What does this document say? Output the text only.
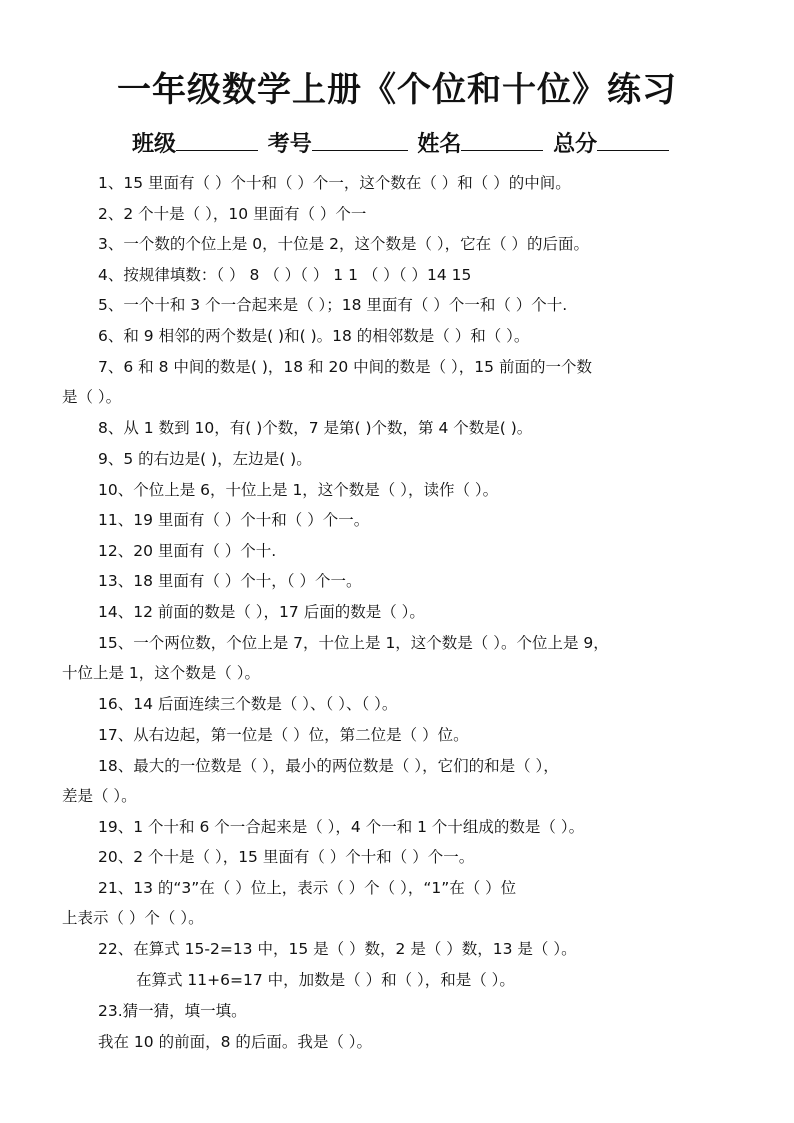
一年级数学上册《个位和十位》练习
班级	考号	姓名	总分
1、15 里面有（ ）个十和（ ）个一，这个数在（ ）和（ ）的中间。
2、2 个十是（ ），10 里面有（ ）个一
3、一个数的个位上是 0，十位是 2，这个数是（ ），它在（ ）的后面。
4、按规律填数：（ ） 8 （ ）（ ） 1 1 （ ）（ ）14 15
5、一个十和 3 个一合起来是（ ）；18 里面有（ ）个一和（ ）个十.
6、和 9 相邻的两个数是( )和( )。18 的相邻数是（ ）和（ ）。
7、6 和 8 中间的数是( )，18 和 20 中间的数是（ ），15 前面的一个数
是（ ）。
8、从 1 数到 10，有( )个数，7 是第( )个数，第 4 个数是( )。
9、5 的右边是( )，左边是( )。
10、个位上是 6，十位上是 1，这个数是（ ），读作（ ）。
11、19 里面有（ ）个十和（ ）个一。
12、20 里面有（ ）个十.
13、18 里面有（ ）个十，（ ）个一。
14、12 前面的数是（ ），17 后面的数是（ ）。
15、一个两位数，个位上是 7，十位上是 1，这个数是（ ）。个位上是 9，
十位上是 1，这个数是（ ）。
16、14 后面连续三个数是（ ）、（ ）、（ ）。
17、从右边起，第一位是（ ）位，第二位是（ ）位。
18、最大的一位数是（ ），最小的两位数是（ ），它们的和是（ ），
差是（ ）。
19、1 个十和 6 个一合起来是（ ），4 个一和 1 个十组成的数是（ ）。
20、2 个十是（ ），15 里面有（ ）个十和（ ）个一。
21、13 的“3”在（ ）位上，表示（ ）个（ ），“1”在（ ）位
上表示（ ）个（ ）。
22、在算式 15-2=13 中，15 是（ ）数，2 是（ ）数，13 是（ ）。
在算式 11+6=17 中，加数是（ ）和（ ），和是（ ）。
23.猜一猜，填一填。
我在 10 的前面，8 的后面。我是（ ）。
